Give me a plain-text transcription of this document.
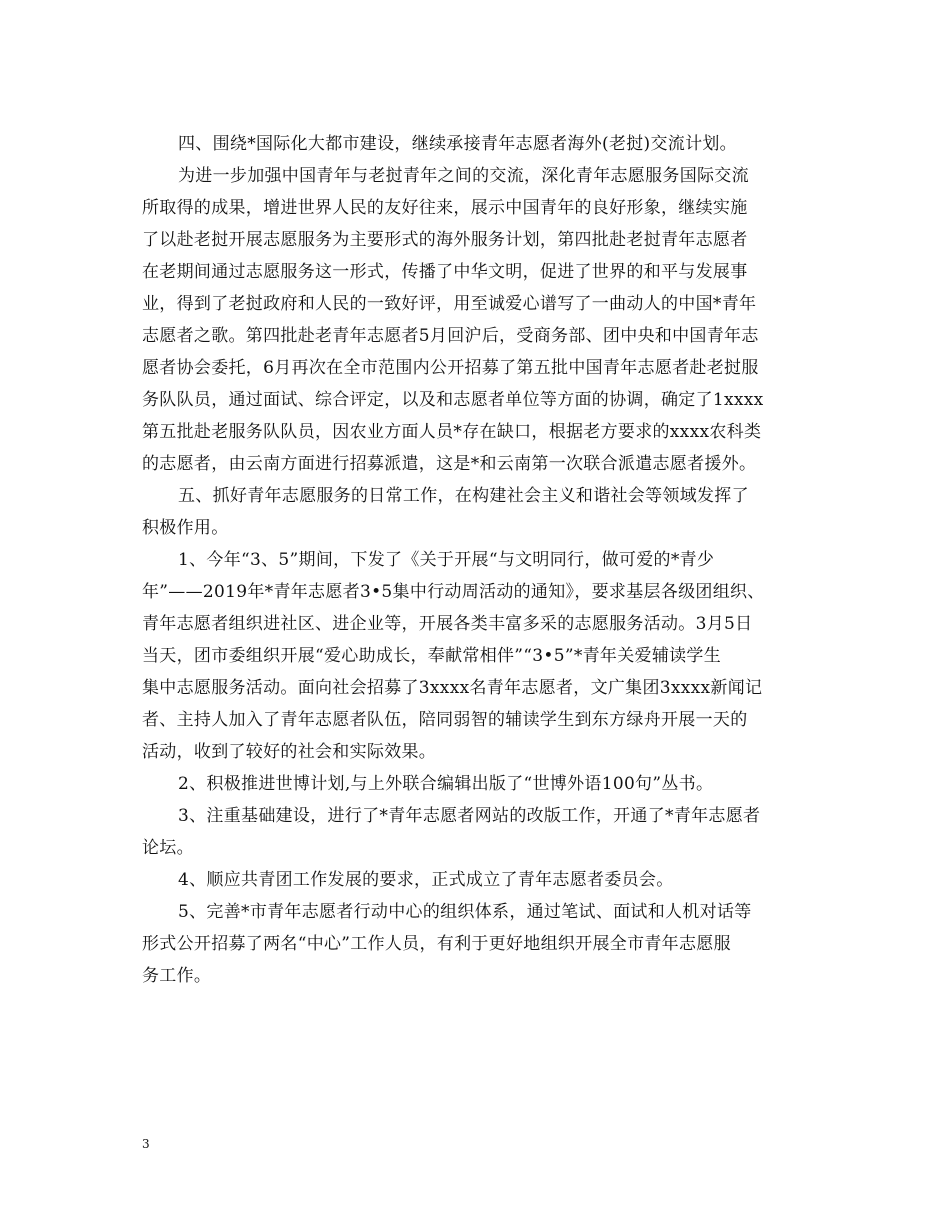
四、围绕*国际化大都市建设，继续承接青年志愿者海外(老挝)交流计划。
为进一步加强中国青年与老挝青年之间的交流，深化青年志愿服务国际交流
所取得的成果，增进世界人民的友好往来，展示中国青年的良好形象，继续实施
了以赴老挝开展志愿服务为主要形式的海外服务计划，第四批赴老挝青年志愿者
在老期间通过志愿服务这一形式，传播了中华文明，促进了世界的和平与发展事
业，得到了老挝政府和人民的一致好评，用至诚爱心谱写了一曲动人的中国*青年
志愿者之歌。第四批赴老青年志愿者5月回沪后，受商务部、团中央和中国青年志
愿者协会委托，6月再次在全市范围内公开招募了第五批中国青年志愿者赴老挝服
务队队员，通过面试、综合评定，以及和志愿者单位等方面的协调，确定了1xxxx
第五批赴老服务队队员，因农业方面人员*存在缺口，根据老方要求的xxxx农科类
的志愿者，由云南方面进行招募派遣，这是*和云南第一次联合派遣志愿者援外。
五、抓好青年志愿服务的日常工作，在构建社会主义和谐社会等领域发挥了
积极作用。
1、今年“3、5”期间，下发了《关于开展“与文明同行，做可爱的*青少
年”——2019年*青年志愿者3•5集中行动周活动的通知》，要求基层各级团组织、
青年志愿者组织进社区、进企业等，开展各类丰富多采的志愿服务活动。3月5日
当天，团市委组织开展“爱心助成长，奉献常相伴”“3•5”*青年关爱辅读学生
集中志愿服务活动。面向社会招募了3xxxx名青年志愿者，文广集团3xxxx新闻记
者、主持人加入了青年志愿者队伍，陪同弱智的辅读学生到东方绿舟开展一天的
活动，收到了较好的社会和实际效果。
2、积极推进世博计划,与上外联合编辑出版了“世博外语100句”丛书。
3、注重基础建设，进行了*青年志愿者网站的改版工作，开通了*青年志愿者
论坛。
4、顺应共青团工作发展的要求，正式成立了青年志愿者委员会。
5、完善*市青年志愿者行动中心的组织体系，通过笔试、面试和人机对话等
形式公开招募了两名“中心”工作人员，有利于更好地组织开展全市青年志愿服
务工作。
3
